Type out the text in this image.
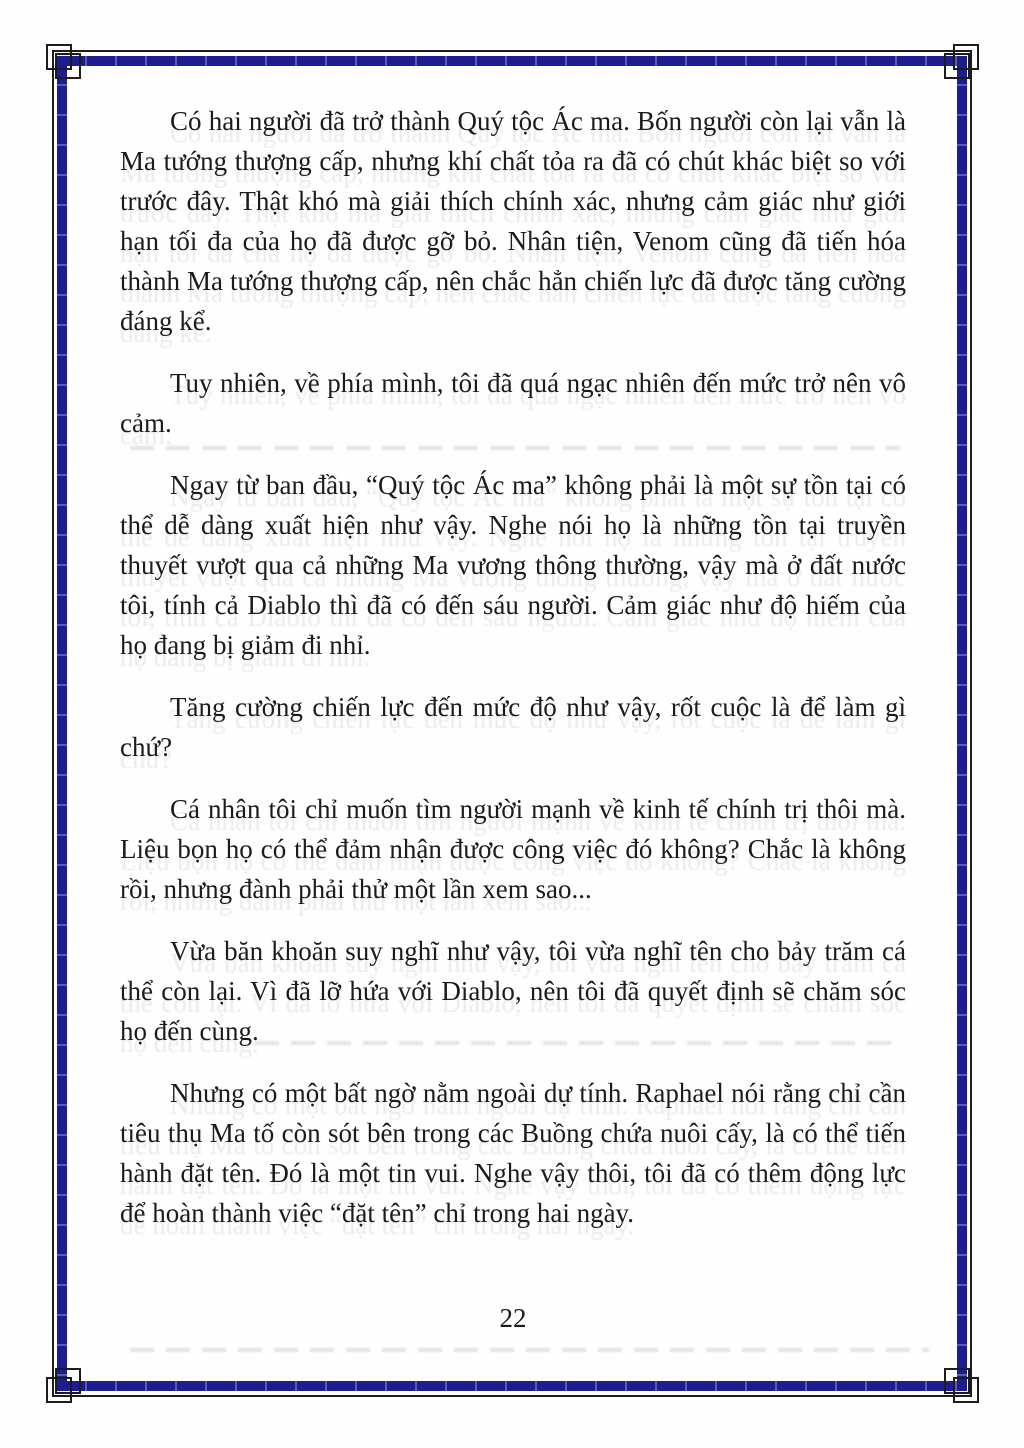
Có hai người đã trở thành Quý tộc Ác ma. Bốn người còn lại vẫn là Ma tướng thượng cấp, nhưng khí chất tỏa ra đã có chút khác biệt so với trước đây. Thật khó mà giải thích chính xác, nhưng cảm giác như giới hạn tối đa của họ đã được gỡ bỏ. Nhân tiện, Venom cũng đã tiến hóa thành Ma tướng thượng cấp, nên chắc hẳn chiến lực đã được tăng cường đáng kể.

Tuy nhiên, về phía mình, tôi đã quá ngạc nhiên đến mức trở nên vô cảm.

Ngay từ ban đầu, “Quý tộc Ác ma” không phải là một sự tồn tại có thể dễ dàng xuất hiện như vậy. Nghe nói họ là những tồn tại truyền thuyết vượt qua cả những Ma vương thông thường, vậy mà ở đất nước tôi, tính cả Diablo thì đã có đến sáu người. Cảm giác như độ hiếm của họ đang bị giảm đi nhỉ.

Tăng cường chiến lực đến mức độ như vậy, rốt cuộc là để làm gì chứ?

Cá nhân tôi chỉ muốn tìm người mạnh về kinh tế chính trị thôi mà. Liệu bọn họ có thể đảm nhận được công việc đó không? Chắc là không rồi, nhưng đành phải thử một lần xem sao...

Vừa băn khoăn suy nghĩ như vậy, tôi vừa nghĩ tên cho bảy trăm cá thể còn lại. Vì đã lỡ hứa với Diablo, nên tôi đã quyết định sẽ chăm sóc họ đến cùng.

Nhưng có một bất ngờ nằm ngoài dự tính. Raphael nói rằng chỉ cần tiêu thụ Ma tố còn sót bên trong các Buồng chứa nuôi cấy, là có thể tiến hành đặt tên. Đó là một tin vui. Nghe vậy thôi, tôi đã có thêm động lực để hoàn thành việc “đặt tên” chỉ trong hai ngày.

22
